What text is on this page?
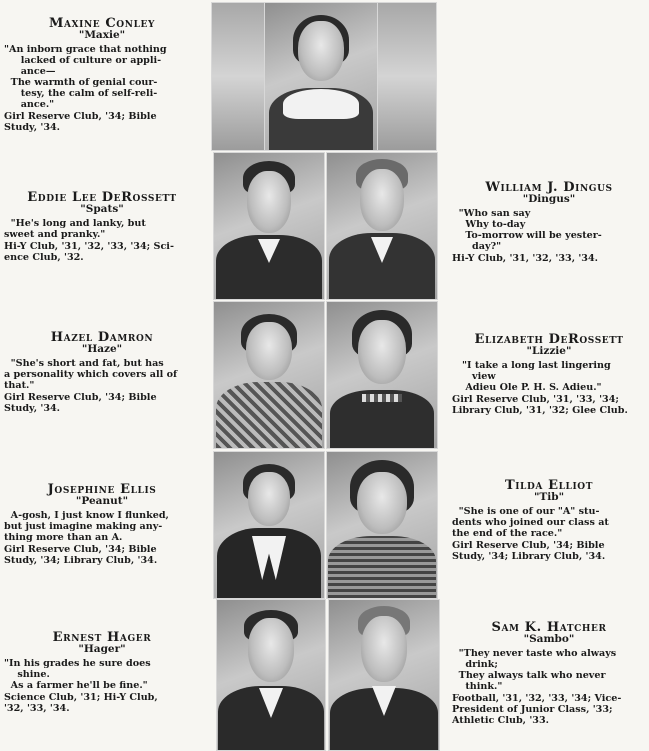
Maxine Conley
"Maxie"
"An inborn grace that nothing
lacked of culture or appli-
ance—
The warmth of genial cour-
tesy, the calm of self-reli-
ance."
Girl Reserve Club, '34; Bible
Study, '34.
Eddie Lee DeRossett
"Spats"
"He's long and lanky, but
sweet and pranky."
Hi-Y Club, '31, '32, '33, '34; Sci-
ence Club, '32.
William J. Dingus
"Dingus"
"Who san say
Why to-day
To-morrow will be yester-
day?"
Hi-Y Club, '31, '32, '33, '34.
Hazel Damron
"Haze"
"She's short and fat, but has
a personality which covers all of
that."
Girl Reserve Club, '34; Bible
Study, '34.
Elizabeth DeRossett
"Lizzie"
"I take a long last lingering
view
Adieu Ole P. H. S. Adieu."
Girl Reserve Club, '31, '33, '34;
Library Club, '31, '32; Glee Club.
Josephine Ellis
"Peanut"
A-gosh, I just know I flunked,
but just imagine making any-
thing more than an A.
Girl Reserve Club, '34; Bible
Study, '34; Library Club, '34.
Tilda Elliot
"Tib"
"She is one of our "A" stu-
dents who joined our class at
the end of the race."
Girl Reserve Club, '34; Bible
Study, '34; Library Club, '34.
Ernest Hager
"Hager"
"In his grades he sure does
shine.
As a farmer he'll be fine."
Science Club, '31; Hi-Y Club,
'32, '33, '34.
Sam K. Hatcher
"Sambo"
"They never taste who always
drink;
They always talk who never
think."
Football, '31, '32, '33, '34; Vice-
President of Junior Class, '33;
Athletic Club, '33.
